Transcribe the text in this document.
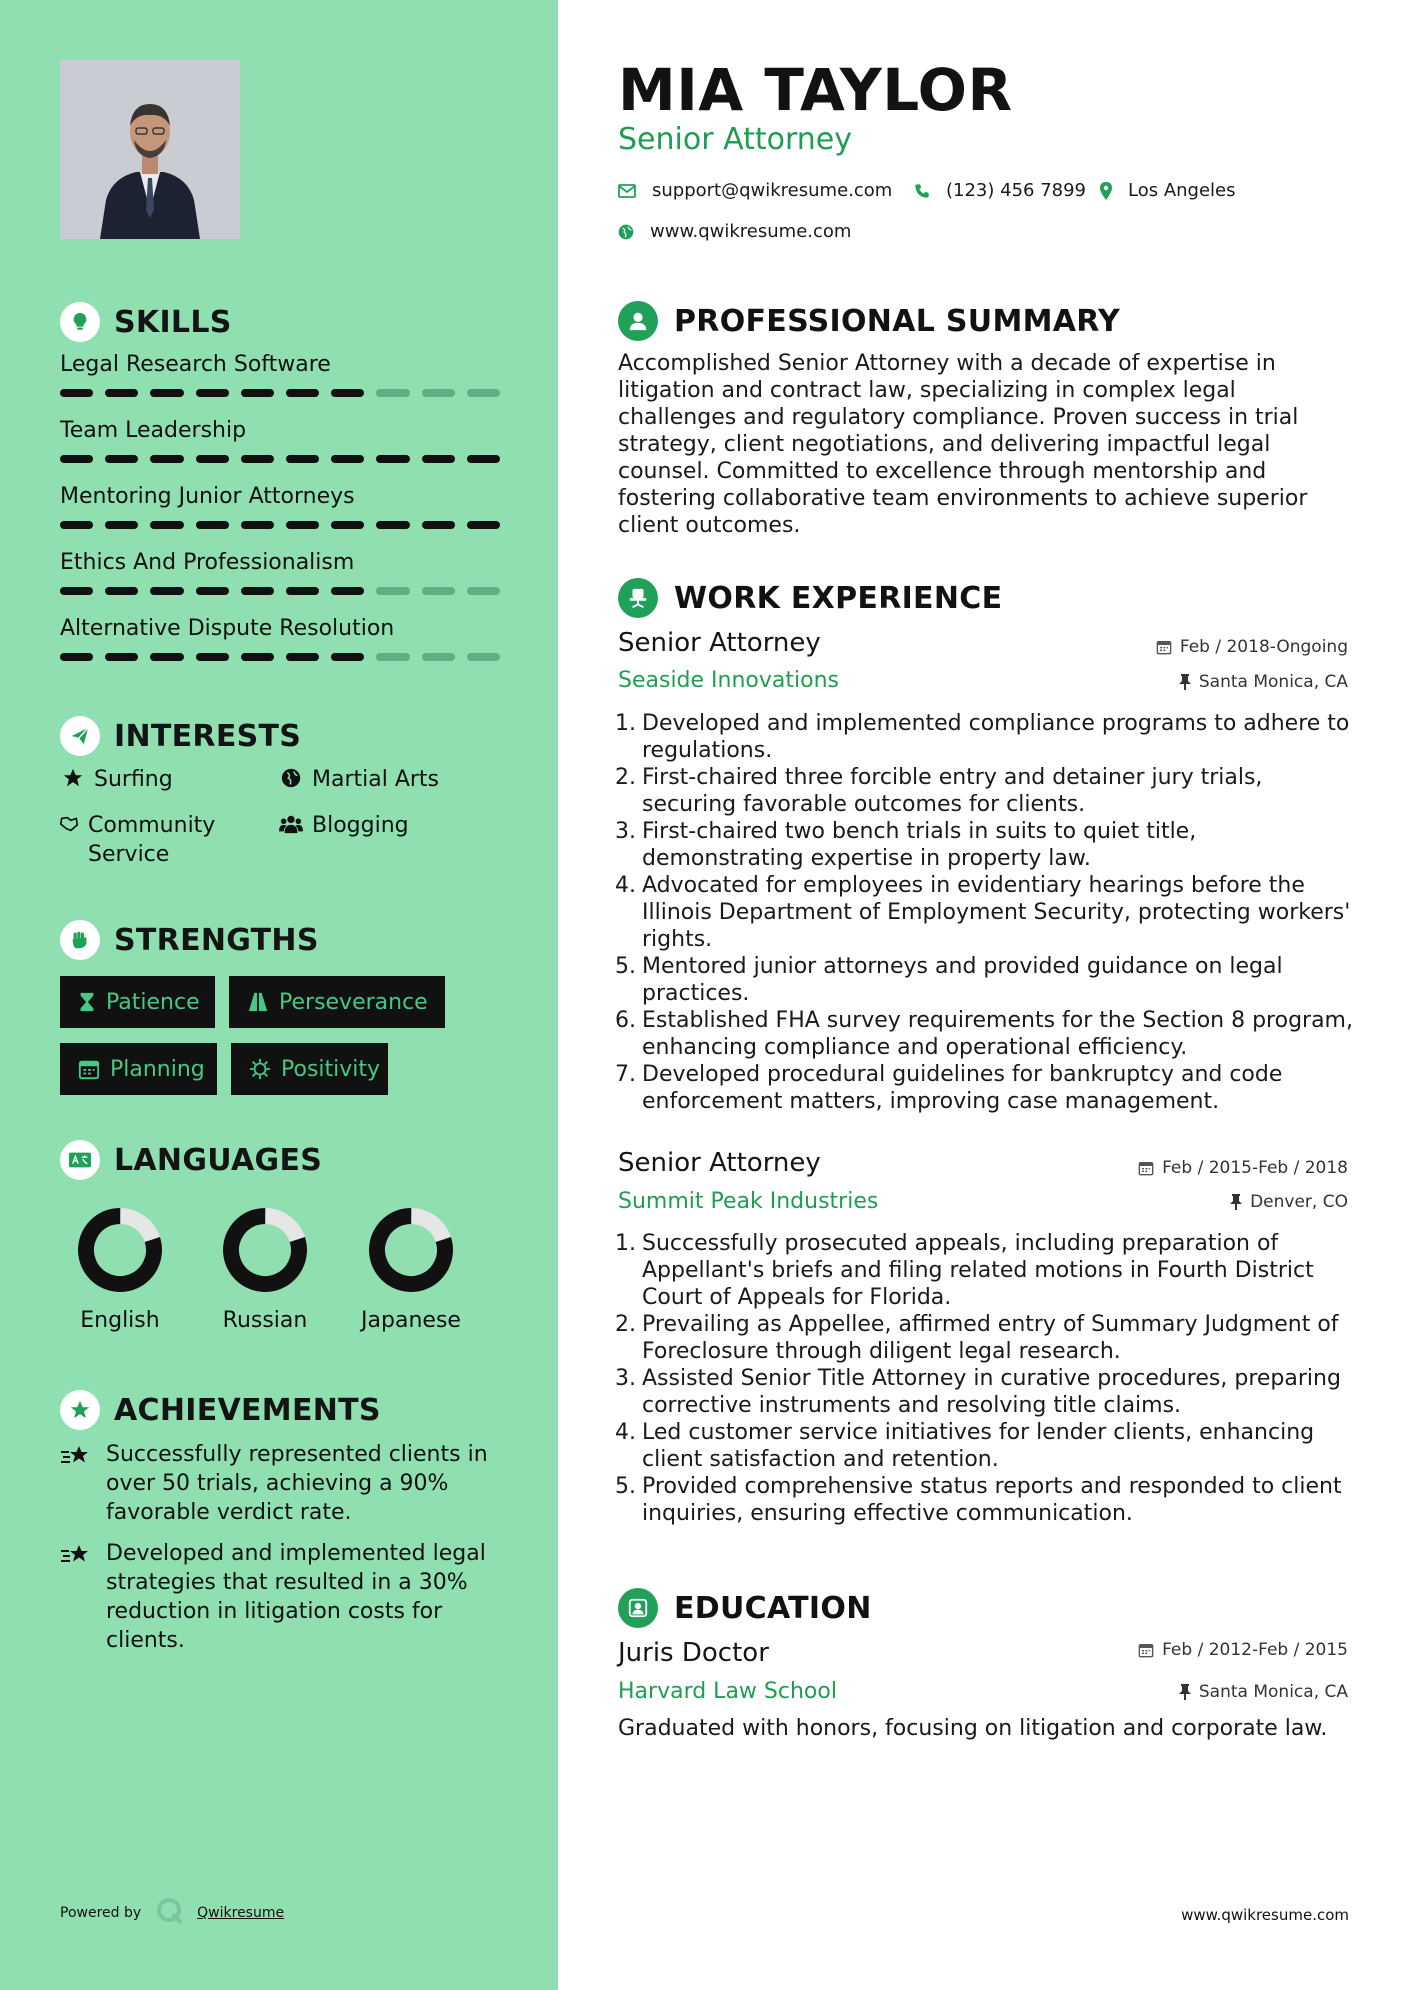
SKILLS
Legal Research Software
Team Leadership
Mentoring Junior Attorneys
Ethics And Professionalism
Alternative Dispute Resolution
INTERESTS
Surfing	Martial Arts
Community Service
Blogging
STRENGTHS
Patience	Perseverance
Planning	Positivity
LANGUAGES
English	Russian	Japanese
ACHIEVEMENTS
Successfully represented clients in over 50 trials, achieving a 90% favorable verdict rate.
Developed and implemented legal strategies that resulted in a 30% reduction in litigation costs for clients.
Powered by	Qwikresume
MIA TAYLOR
Senior Attorney
support@qwikresume.com	(123) 456 7899 Los Angeles
www.qwikresume.com
PROFESSIONAL SUMMARY
Accomplished Senior Attorney with a decade of expertise in litigation and contract law, specializing in complex legal challenges and regulatory compliance. Proven success in trial strategy, client negotiations, and delivering impactful legal counsel. Committed to excellence through mentorship and fostering collaborative team environments to achieve superior client outcomes.
WORK EXPERIENCE
Senior Attorney	Feb / 2018-Ongoing
Seaside Innovations	Santa Monica, CA
1. Developed and implemented compliance programs to adhere to regulations.
2. First-chaired three forcible entry and detainer jury trials, securing favorable outcomes for clients.
3. First-chaired two bench trials in suits to quiet title, demonstrating expertise in property law.
4. Advocated for employees in evidentiary hearings before the Illinois Department of Employment Security, protecting workers' rights.
5. Mentored junior attorneys and provided guidance on legal practices.
6. Established FHA survey requirements for the Section 8 program, enhancing compliance and operational efficiency.
7. Developed procedural guidelines for bankruptcy and code enforcement matters, improving case management.
Senior Attorney	Feb / 2015-Feb / 2018
Summit Peak Industries	Denver, CO
1. Successfully prosecuted appeals, including preparation of Appellant's briefs and filing related motions in Fourth District Court of Appeals for Florida.
2. Prevailing as Appellee, affirmed entry of Summary Judgment of Foreclosure through diligent legal research.
3. Assisted Senior Title Attorney in curative procedures, preparing corrective instruments and resolving title claims.
4. Led customer service initiatives for lender clients, enhancing client satisfaction and retention.
5. Provided comprehensive status reports and responded to client inquiries, ensuring effective communication.
EDUCATION
Juris Doctor	Feb / 2012-Feb / 2015
Harvard Law School	Santa Monica, CA
Graduated with honors, focusing on litigation and corporate law.
www.qwikresume.com
